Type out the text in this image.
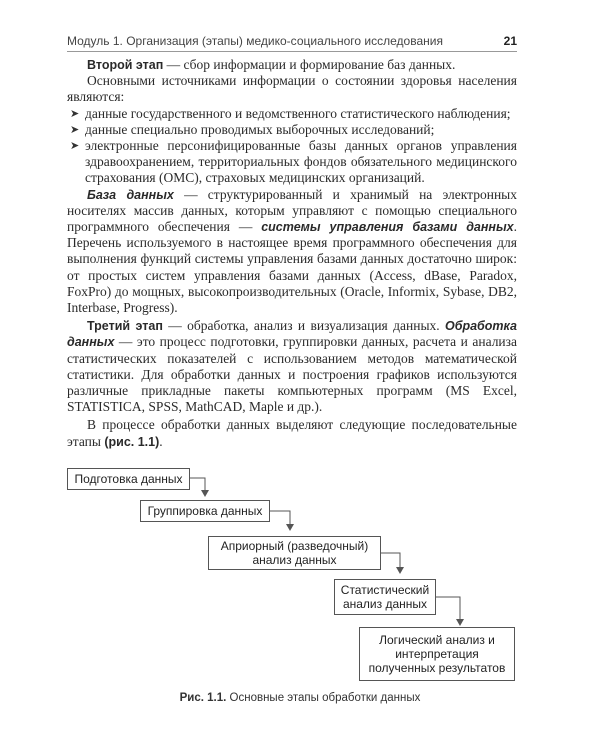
Модуль 1. Организация (этапы) медико-социального исследования	21

Второй этап — сбор информации и формирование баз данных.

Основными источниками информации о состоянии здоровья населения являются:

➤ данные государственного и ведомственного статистического наблюдения;
➤ данные специально проводимых выборочных исследований;
➤ электронные персонифицированные базы данных органов управления здравоохранением, территориальных фондов обязательного медицинского страхования (ОМС), страховых медицинских организаций.

База данных — структурированный и хранимый на электронных носителях массив данных, которым управляют с помощью специального программного обеспечения — системы управления базами данных. Перечень используемого в настоящее время программного обеспечения для выполнения функций системы управления базами данных достаточно широк: от простых систем управления базами данных (Access, dBase, Paradox, FoxPro) до мощных, высокопроизводительных (Oracle, Informix, Sybase, DB2, Interbase, Progress).

Третий этап — обработка, анализ и визуализация данных. Обработка данных — это процесс подготовки, группировки данных, расчета и анализа статистических показателей с использованием методов математической статистики. Для обработки данных и построения графиков используются различные прикладные пакеты компьютерных программ (MS Excel, STATISTICA, SPSS, MathCAD, Maple и др.).

В процессе обработки данных выделяют следующие последовательные этапы (рис. 1.1).

Подготовка данных
Группировка данных
Априорный (разведочный) анализ данных
Статистический анализ данных
Логический анализ и интерпретация полученных результатов
Рис. 1.1. Основные этапы обработки данных
